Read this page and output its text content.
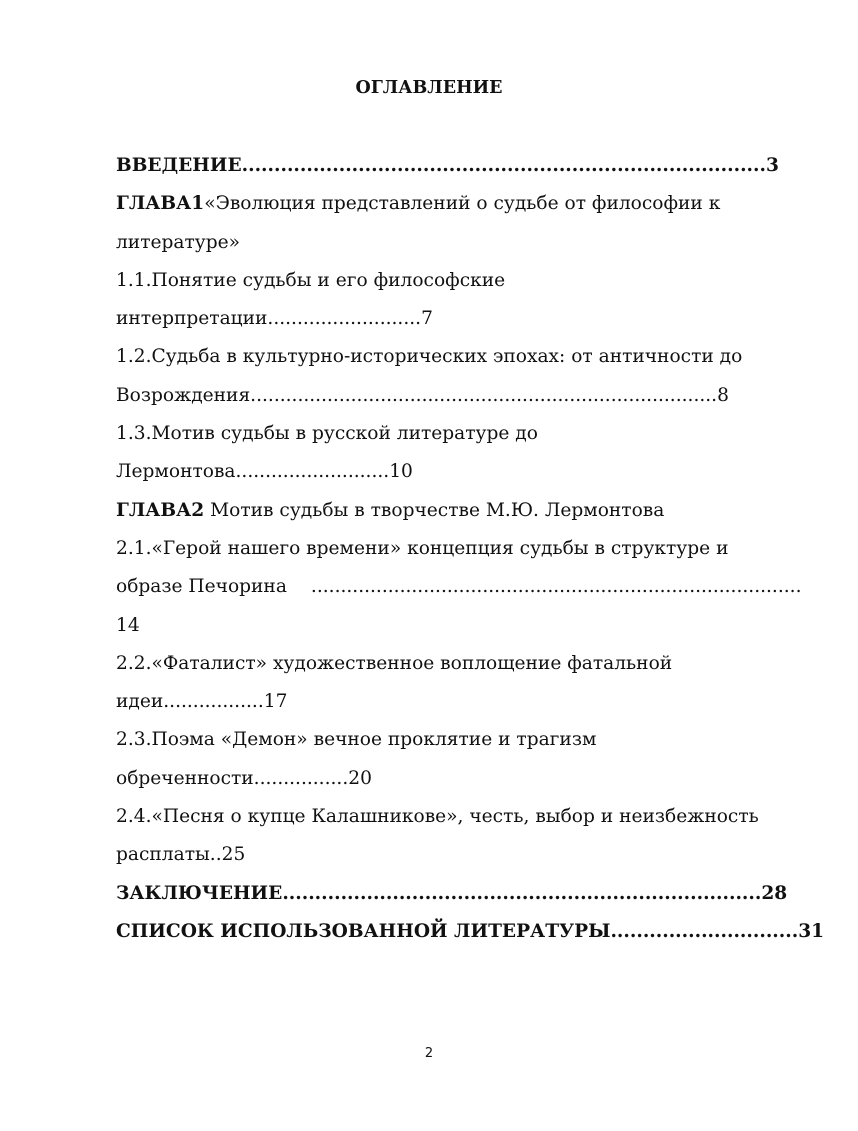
ОГЛАВЛЕНИЕ

ВВЕДЕНИЕ.................................................................................3

ГЛАВА1«Эволюция представлений о судьбе от философии к
литературе»

1.1.Понятие судьбы и его философские
интерпретации..........................7

1.2.Судьба в культурно-исторических эпохах: от античности до
Возрождения...............................................................................8

1.3.Мотив судьбы в русской литературе до
Лермонтова..........................10

ГЛАВА2 Мотив судьбы в творчестве М.Ю. Лермонтова

2.1.«Герой нашего времени» концепция судьбы в структуре и
образе Печорина ...................................................................................
14

2.2.«Фаталист» художественное воплощение фатальной
идеи.................17

2.3.Поэма «Демон» вечное проклятие и трагизм
обреченности................20

2.4.«Песня о купце Калашникове», честь, выбор и неизбежность
расплаты..25

ЗАКЛЮЧЕНИЕ..........................................................................28

СПИСОК ИСПОЛЬЗОВАННОЙ ЛИТЕРАТУРЫ.............................31

2
